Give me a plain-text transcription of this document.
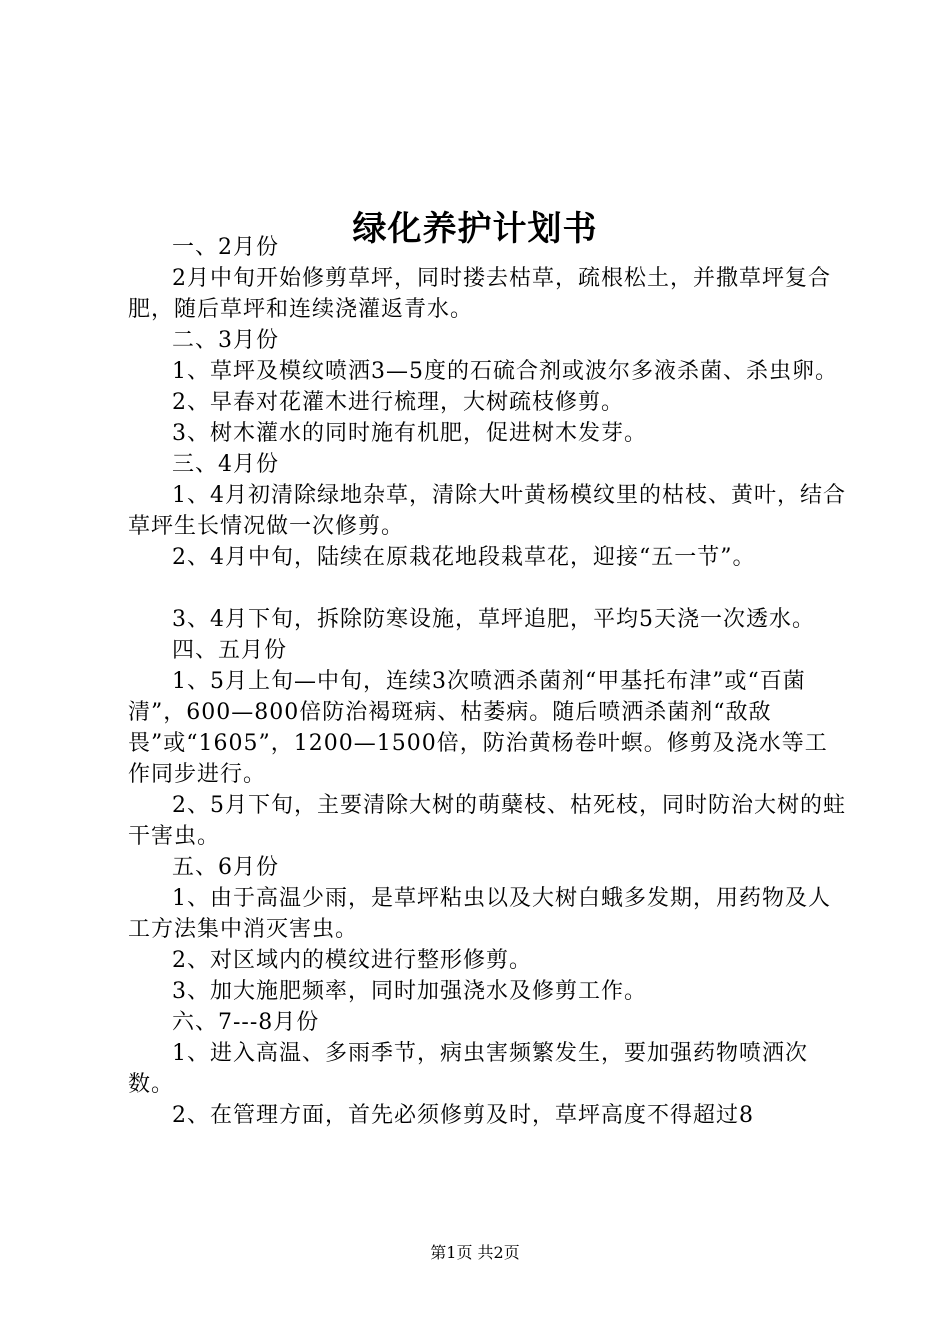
绿化养护计划书

一、2月份

2月中旬开始修剪草坪，同时搂去枯草，疏根松土，并撒草坪复合肥，随后草坪和连续浇灌返青水。

二、3月份

1、草坪及模纹喷洒3—5度的石硫合剂或波尔多液杀菌、杀虫卵。

2、早春对花灌木进行梳理，大树疏枝修剪。

3、树木灌水的同时施有机肥，促进树木发芽。

三、4月份

1、4月初清除绿地杂草，清除大叶黄杨模纹里的枯枝、黄叶，结合草坪生长情况做一次修剪。

2、4月中旬，陆续在原栽花地段栽草花，迎接“五一节”。

3、4月下旬，拆除防寒设施，草坪追肥，平均5天浇一次透水。

四、五月份

1、5月上旬—中旬，连续3次喷洒杀菌剂“甲基托布津”或“百菌清”，600—800倍防治褐斑病、枯萎病。随后喷洒杀菌剂“敌敌畏”或“1605”，1200—1500倍，防治黄杨卷叶螟。修剪及浇水等工作同步进行。

2、5月下旬，主要清除大树的萌蘖枝、枯死枝，同时防治大树的蛀干害虫。

五、6月份

1、由于高温少雨，是草坪粘虫以及大树白蛾多发期，用药物及人工方法集中消灭害虫。

2、对区域内的模纹进行整形修剪。

3、加大施肥频率，同时加强浇水及修剪工作。

六、7---8月份

1、进入高温、多雨季节，病虫害频繁发生，要加强药物喷洒次数。

2、在管理方面，首先必须修剪及时，草坪高度不得超过8

第1页 共2页
